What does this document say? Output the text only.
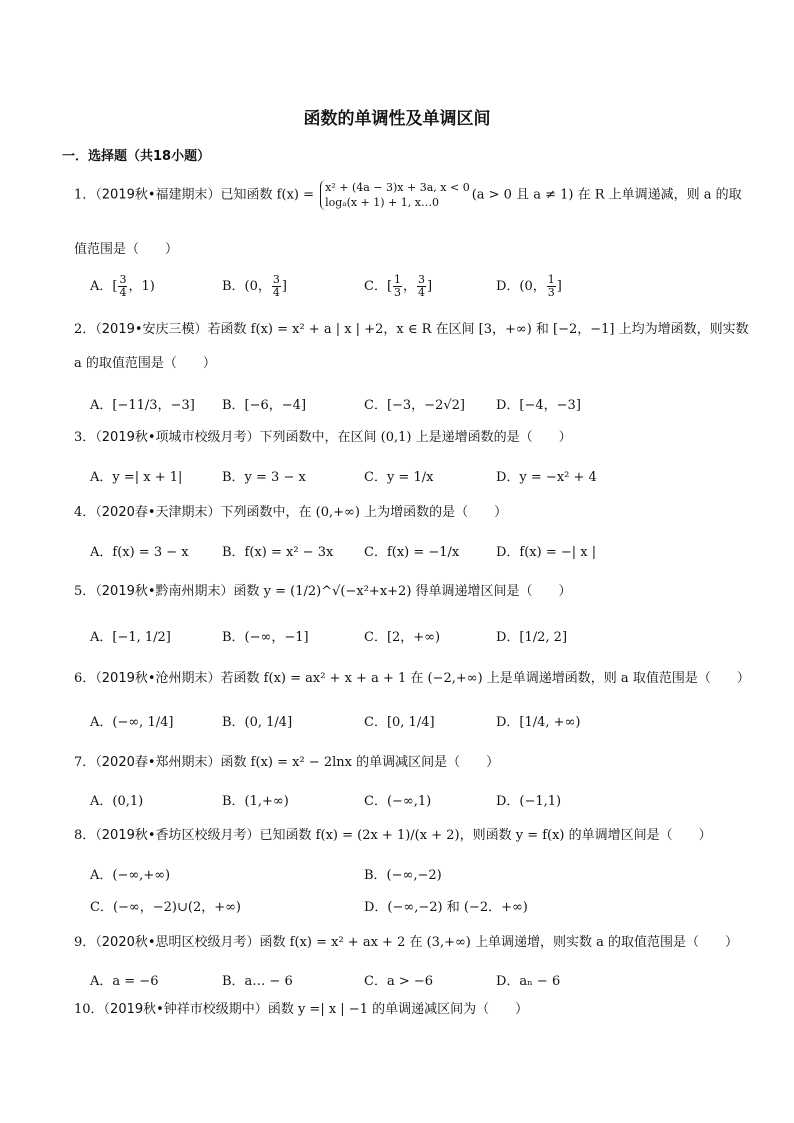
函数的单调性及单调区间
一．选择题（共18小题）
1．（2019秋•福建期末）已知函数 f(x) = x² + (4a − 3)x + 3a, x < 0
logₐ(x + 1) + 1, x…0	(a > 0 且 a ≠ 1) 在 R 上单调递减，则 a 的取
值范围是（　　）
A．[ $\frac{3}{4}$ ，1)	B．(0， $\frac{3}{4}$ ]	C．[ $\frac{1}{3}$ ， $\frac{3}{4}$ ]	D．(0， $\frac{1}{3}$ ]
2．（2019•安庆三模）若函数 f(x) = x² + a | x | +2，x ∈ R 在区间 [3，+∞) 和 [−2，−1] 上均为增函数，则实数
a 的取值范围是（　　）
A．[−11/3，−3] B．[−6，−4]	C．[−3，−2√2] D．[−4，−3]
3．（2019秋•项城市校级月考）下列函数中，在区间 (0,1) 上是递增函数的是（　　）
A．y =| x + 1|	B．y = 3 − x	C．y = 1/x	D．y = −x² + 4
4．（2020春•天津期末）下列函数中，在 (0,+∞) 上为增函数的是（　　）
A．f(x) = 3 − x	B．f(x) = x² − 3x C．f(x) = −1/x	D．f(x) = −| x |
5．（2019秋•黔南州期末）函数 y = (1/2)^√(−x²+x+2) 得单调递增区间是（　　）
A．[−1, 1/2]	B．(−∞，−1]	C．[2，+∞)	D．[1/2, 2]
6．（2019秋•沧州期末）若函数 f(x) = ax² + x + a + 1 在 (−2,+∞) 上是单调递增函数，则 a 取值范围是（　　）
A．(−∞, 1/4]	B．(0, 1/4]	C．[0, 1/4]	D．[1/4, +∞)
7．（2020春•郑州期末）函数 f(x) = x² − 2lnx 的单调减区间是（　　）
A．(0,1)	B．(1,+∞)	C．(−∞,1)	D．(−1,1)
8．（2019秋•香坊区校级月考）已知函数 f(x) = (2x + 1)/(x + 2)，则函数 y = f(x) 的单调增区间是（　　）
A．(−∞,+∞)	B．(−∞,−2)
C．(−∞，−2)∪(2，+∞)	D．(−∞,−2) 和 (−2．+∞)
9．（2020秋•思明区校级月考）函数 f(x) = x² + ax + 2 在 (3,+∞) 上单调递增，则实数 a 的取值范围是（　　）
A．a = −6	B．a… − 6	C．a > −6	D．aₙ − 6
10．（2019秋•钟祥市校级期中）函数 y =| x | −1 的单调递减区间为（　　）
